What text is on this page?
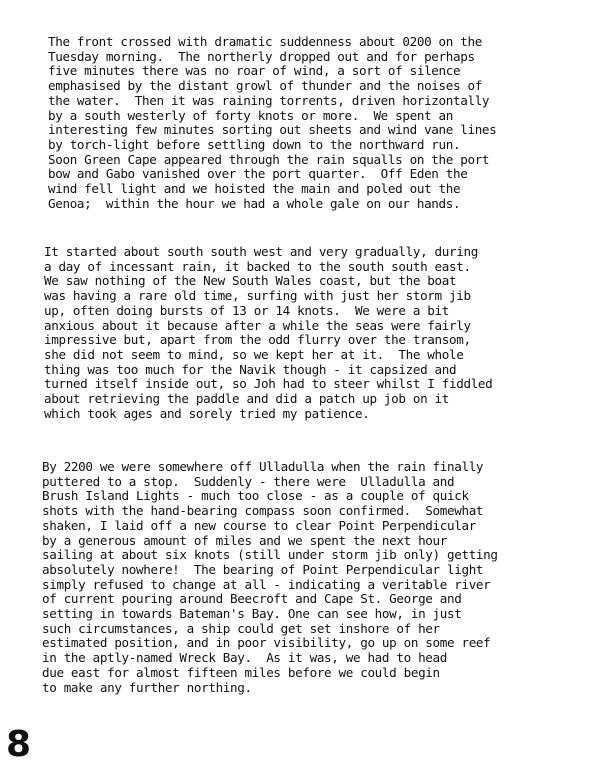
The front crossed with dramatic suddenness about 0200 on the
Tuesday morning.  The northerly dropped out and for perhaps
five minutes there was no roar of wind, a sort of silence
emphasised by the distant growl of thunder and the noises of
the water.  Then it was raining torrents, driven horizontally
by a south westerly of forty knots or more.  We spent an
interesting few minutes sorting out sheets and wind vane lines
by torch-light before settling down to the northward run.
Soon Green Cape appeared through the rain squalls on the port
bow and Gabo vanished over the port quarter.  Off Eden the
wind fell light and we hoisted the main and poled out the
Genoa;  within the hour we had a whole gale on our hands.
It started about south south west and very gradually, during
a day of incessant rain, it backed to the south south east.
We saw nothing of the New South Wales coast, but the boat
was having a rare old time, surfing with just her storm jib
up, often doing bursts of 13 or 14 knots.  We were a bit
anxious about it because after a while the seas were fairly
impressive but, apart from the odd flurry over the transom,
she did not seem to mind, so we kept her at it.  The whole
thing was too much for the Navik though - it capsized and
turned itself inside out, so Joh had to steer whilst I fiddled
about retrieving the paddle and did a patch up job on it
which took ages and sorely tried my patience.
By 2200 we were somewhere off Ulladulla when the rain finally
puttered to a stop.  Suddenly - there were  Ulladulla and
Brush Island Lights - much too close - as a couple of quick
shots with the hand-bearing compass soon confirmed.  Somewhat
shaken, I laid off a new course to clear Point Perpendicular
by a generous amount of miles and we spent the next hour
sailing at about six knots (still under storm jib only) getting
absolutely nowhere!  The bearing of Point Perpendicular light
simply refused to change at all - indicating a veritable river
of current pouring around Beecroft and Cape St. George and
setting in towards Bateman's Bay. One can see how, in just
such circumstances, a ship could get set inshore of her
estimated position, and in poor visibility, go up on some reef
in the aptly-named Wreck Bay.  As it was, we had to head
due east for almost fifteen miles before we could begin
to make any further northing.
8
